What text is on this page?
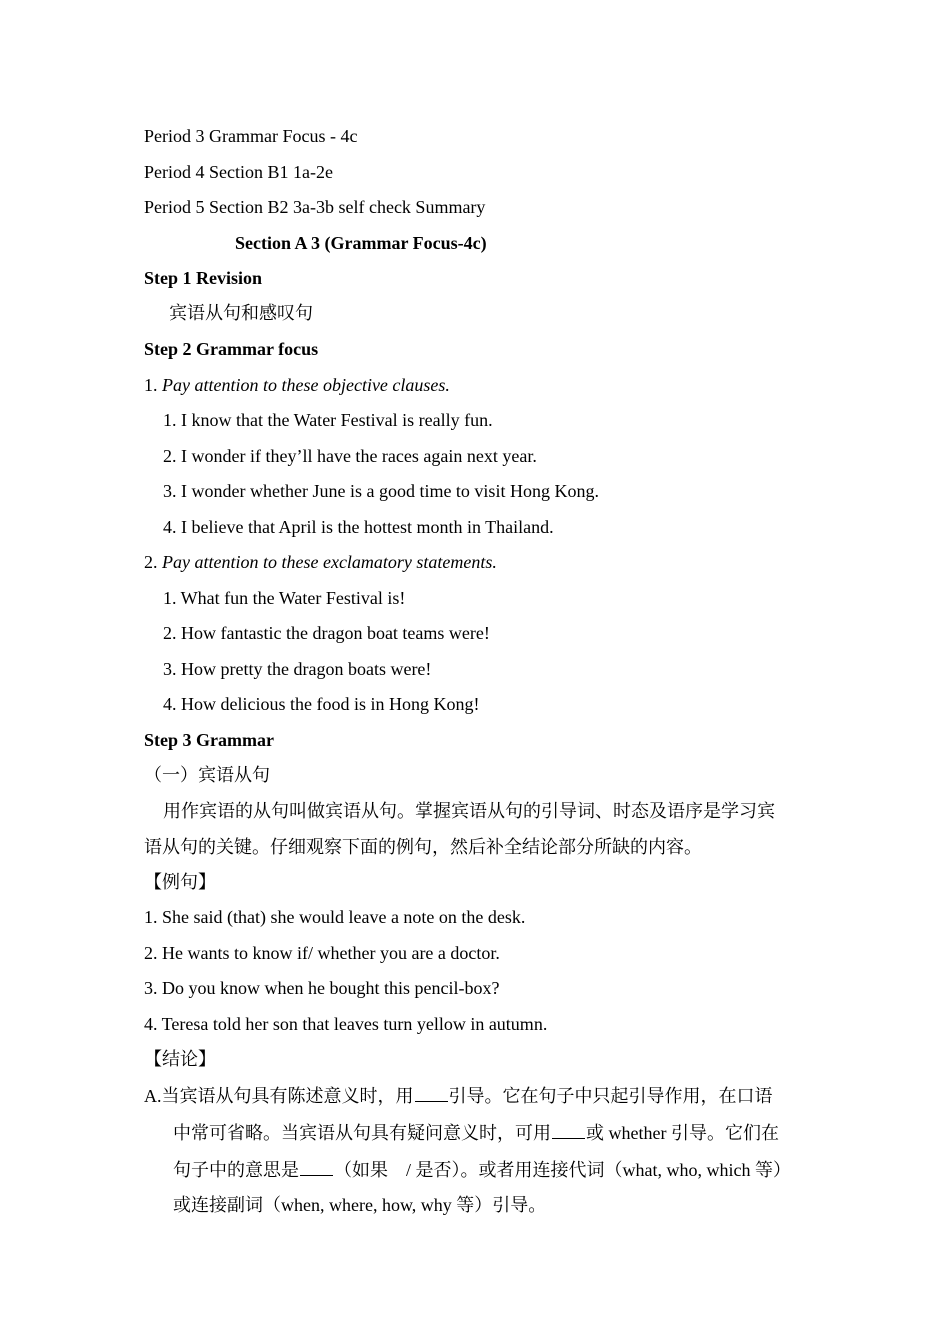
Period 3 Grammar Focus - 4c
Period 4 Section B1 1a-2e
Period 5 Section B2 3a-3b self check Summary
Section A 3 (Grammar Focus-4c)
Step 1 Revision
宾语从句和感叹句
Step 2 Grammar focus
1. Pay attention to these objective clauses.
1. I know that the Water Festival is really fun.
2. I wonder if they’ll have the races again next year.
3. I wonder whether June is a good time to visit Hong Kong.
4. I believe that April is the hottest month in Thailand.
2. Pay attention to these exclamatory statements.
1. What fun the Water Festival is!
2. How fantastic the dragon boat teams were!
3. How pretty the dragon boats were!
4. How delicious the food is in Hong Kong!
Step 3 Grammar
（一）宾语从句
用作宾语的从句叫做宾语从句。掌握宾语从句的引导词、时态及语序是学习宾
语从句的关键。仔细观察下面的例句，然后补全结论部分所缺的内容。
【例句】
1. She said (that) she would leave a note on the desk.
2. He wants to know if/ whether you are a doctor.
3. Do you know when he bought this pencil-box?
4. Teresa told her son that leaves turn yellow in autumn.
【结论】
A.当宾语从句具有陈述意义时，用 引导。它在句子中只起引导作用，在口语
中常可省略。当宾语从句具有疑问意义时，可用 或 whether 引导。它们在
句子中的意思是 （如果　/ 是否）。或者用连接代词（what, who, which 等）
或连接副词（when, where, how, why 等）引导。
